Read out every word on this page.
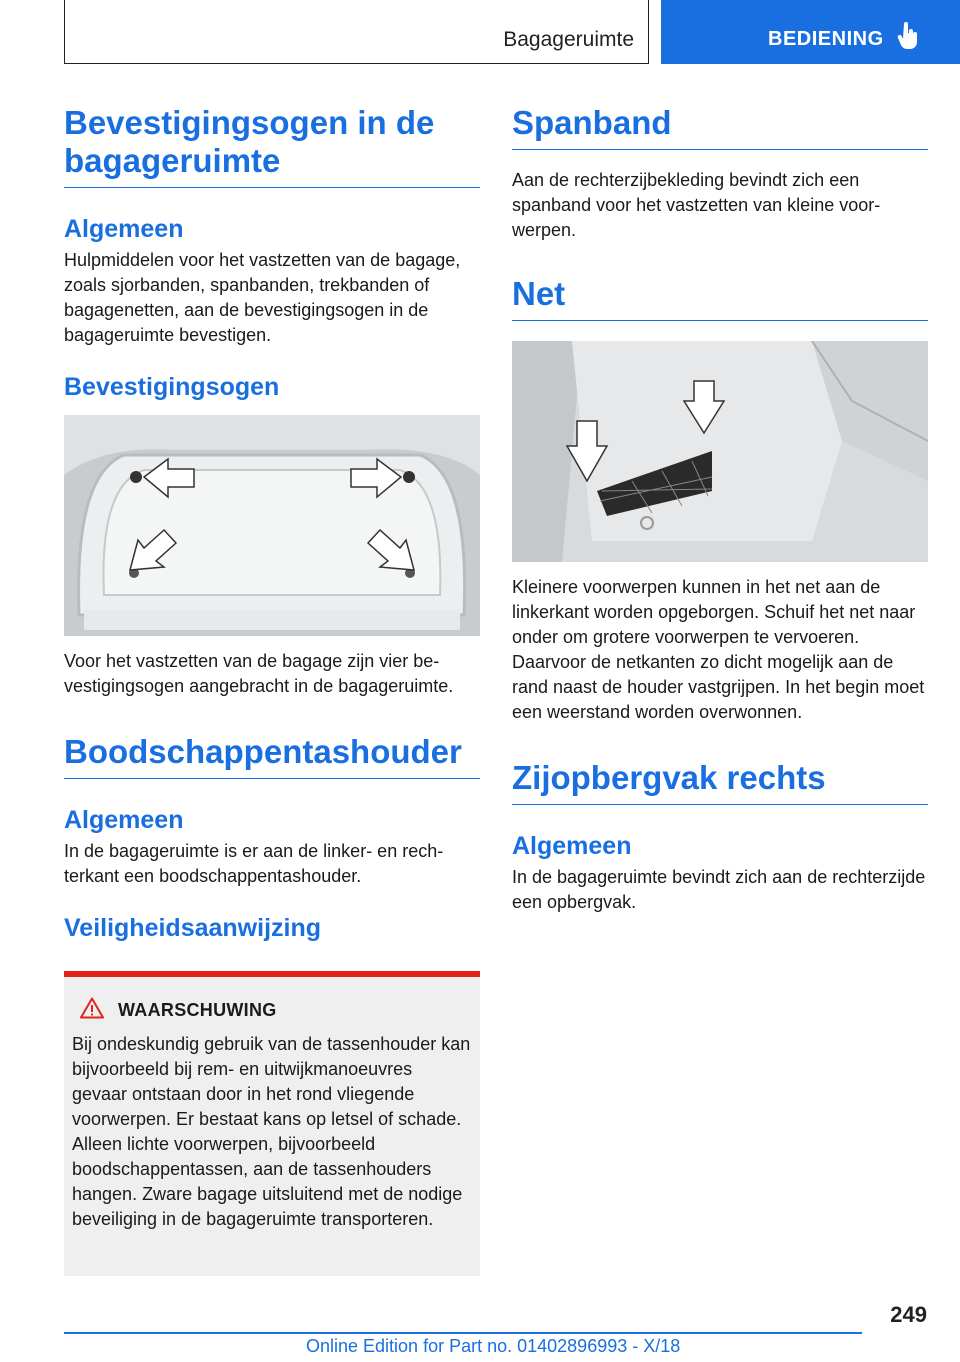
Bagageruimte	BEDIENING
Bevestigingsogen in de bagageruimte
Algemeen

Hulpmiddelen voor het vastzetten van de bagage, zoals sjorbanden, spanbanden, trekbanden of bagagenetten, aan de bevestigingsogen in de bagageruimte bevestigen.

Bevestigingsogen

Voor het vastzetten van de bagage zijn vier bevestigingsogen aangebracht in de bagageruimte.

Boodschappentashouder
Algemeen

In de bagageruimte is er aan de linker- en rechterkant een boodschappentashouder.

Veiligheidsaanwijzing
WAARSCHUWING

Bij ondeskundig gebruik van de tassenhouder kan bijvoorbeeld bij rem- en uitwijkmanoeuvres gevaar ontstaan door in het rond vliegende voorwerpen. Er bestaat kans op letsel of schade. Alleen lichte voorwerpen, bijvoorbeeld boodschappentassen, aan de tassenhouders hangen. Zware bagage uitsluitend met de nodige beveiliging in de bagageruimte transporteren.

Spanband

Aan de rechterzijbekleding bevindt zich een spanband voor het vastzetten van kleine voorwerpen.

Net

Kleinere voorwerpen kunnen in het net aan de linkerkant worden opgeborgen. Schuif het net naar onder om grotere voorwerpen te vervoeren. Daarvoor de netkanten zo dicht mogelijk aan de rand naast de houder vastgrijpen. In het begin moet een weerstand worden overwonnen.

Zijopbergvak rechts
Algemeen

In de bagageruimte bevindt zich aan de rechterzijde een opbergvak.

249
Online Edition for Part no. 01402896993 - X/18
